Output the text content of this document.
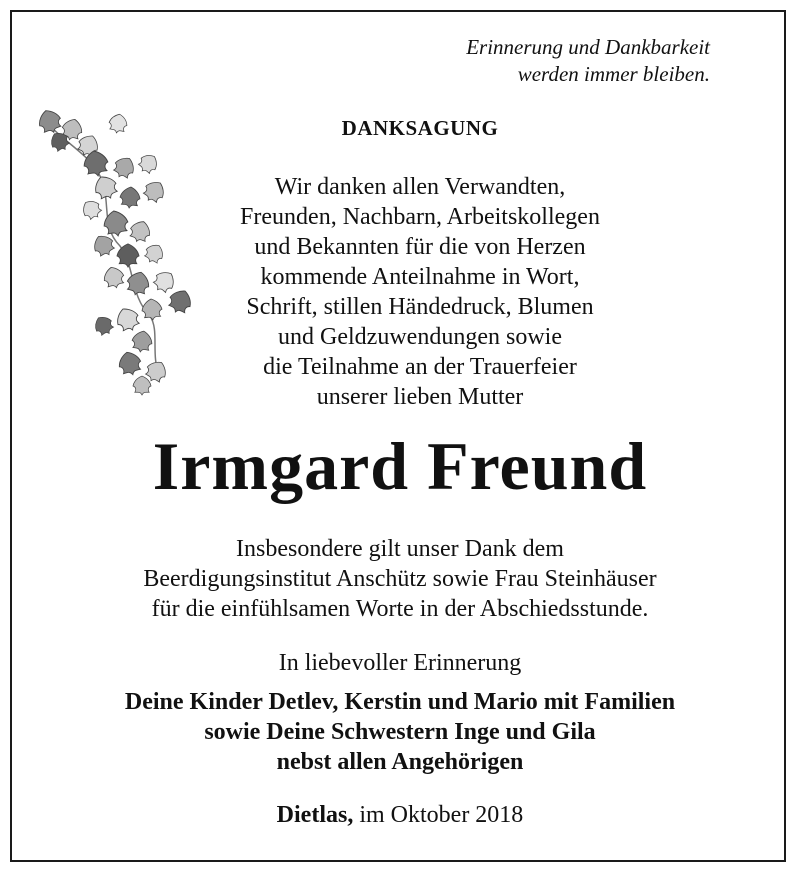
Erinnerung und Dankbarkeit
werden immer bleiben.
DANKSAGUNG
Wir danken allen Verwandten,
Freunden, Nachbarn, Arbeitskollegen
und Bekannten für die von Herzen
kommende Anteilnahme in Wort,
Schrift, stillen Händedruck, Blumen
und Geldzuwendungen sowie
die Teilnahme an der Trauerfeier
unserer lieben Mutter
Irmgard Freund
Insbesondere gilt unser Dank dem
Beerdigungsinstitut Anschütz sowie Frau Steinhäuser
für die einfühlsamen Worte in der Abschiedsstunde.
In liebevoller Erinnerung
Deine Kinder Detlev, Kerstin und Mario mit Familien
sowie Deine Schwestern Inge und Gila
nebst allen Angehörigen
Dietlas, im Oktober 2018
